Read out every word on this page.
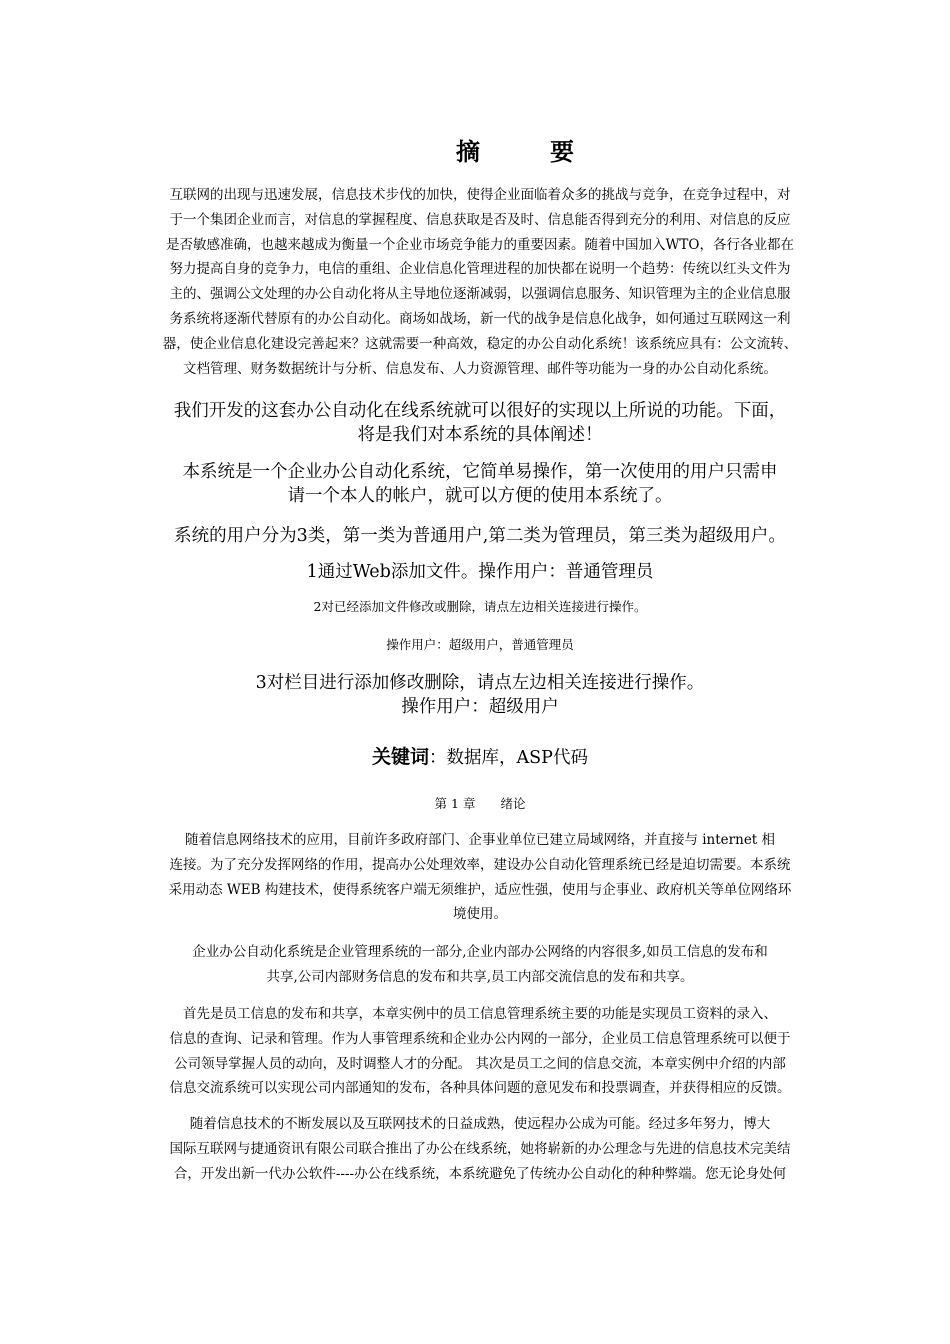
摘要
互联网的出现与迅速发展，信息技术步伐的加快，使得企业面临着众多的挑战与竞争，在竞争过程中，对
于一个集团企业而言，对信息的掌握程度、信息获取是否及时、信息能否得到充分的利用、对信息的反应
是否敏感准确，也越来越成为衡量一个企业市场竞争能力的重要因素。随着中国加入WTO，各行各业都在
努力提高自身的竞争力，电信的重组、企业信息化管理进程的加快都在说明一个趋势：传统以红头文件为
主的、强调公文处理的办公自动化将从主导地位逐渐减弱，以强调信息服务、知识管理为主的企业信息服
务系统将逐渐代替原有的办公自动化。商场如战场，新一代的战争是信息化战争，如何通过互联网这一利
器，使企业信息化建设完善起来？这就需要一种高效，稳定的办公自动化系统！该系统应具有：公文流转、
文档管理、财务数据统计与分析、信息发布、人力资源管理、邮件等功能为一身的办公自动化系统。
我们开发的这套办公自动化在线系统就可以很好的实现以上所说的功能。下面，
将是我们对本系统的具体阐述！
本系统是一个企业办公自动化系统，它简单易操作，第一次使用的用户只需申
请一个本人的帐户，就可以方便的使用本系统了。
系统的用户分为3类，第一类为普通用户,第二类为管理员，第三类为超级用户。
1通过Web添加文件。操作用户：普通管理员
2对已经添加文件修改或删除，请点左边相关连接进行操作。
操作用户：超级用户，普通管理员
3对栏目进行添加修改删除，请点左边相关连接进行操作。
操作用户：超级用户
关键词：数据库，ASP代码
第 1 章　　绪论
随着信息网络技术的应用，目前许多政府部门、企事业单位已建立局域网络，并直接与 internet 相
连接。为了充分发挥网络的作用，提高办公处理效率，建设办公自动化管理系统已经是迫切需要。本系统
采用动态 WEB 构建技术，使得系统客户端无须维护，适应性强，使用与企事业、政府机关等单位网络环
境使用。
企业办公自动化系统是企业管理系统的一部分,企业内部办公网络的内容很多,如员工信息的发布和
共享,公司内部财务信息的发布和共享,员工内部交流信息的发布和共享。
首先是员工信息的发布和共享，本章实例中的员工信息管理系统主要的功能是实现员工资料的录入、
信息的查询、记录和管理。作为人事管理系统和企业办公内网的一部分，企业员工信息管理系统可以便于
公司领导掌握人员的动向，及时调整人才的分配。 其次是员工之间的信息交流，本章实例中介绍的内部
信息交流系统可以实现公司内部通知的发布，各种具体问题的意见发布和投票调查，并获得相应的反馈。
随着信息技术的不断发展以及互联网技术的日益成熟，使远程办公成为可能。经过多年努力，博大
国际互联网与捷通资讯有限公司联合推出了办公在线系统，她将崭新的办公理念与先进的信息技术完美结
合，开发出新一代办公软件----办公在线系统，本系统避免了传统办公自动化的种种弊端。您无论身处何
